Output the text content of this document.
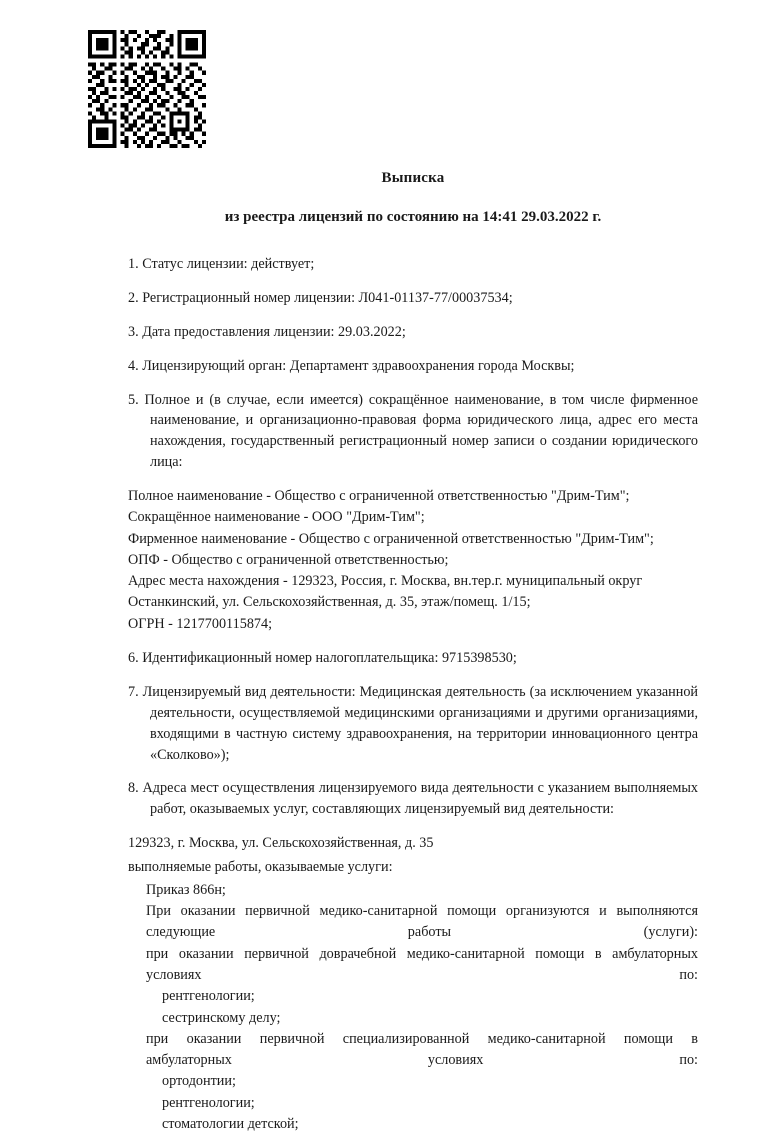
Выписка
из реестра лицензий по состоянию на 14:41 29.03.2022 г.
1. Статус лицензии: действует;
2. Регистрационный номер лицензии: Л041-01137-77/00037534;
3. Дата предоставления лицензии: 29.03.2022;
4. Лицензирующий орган: Департамент здравоохранения города Москвы;
5. Полное и (в случае, если имеется) сокращённое наименование, в том числе фирменное наименование, и организационно-правовая форма юридического лица, адрес его места нахождения, государственный регистрационный номер записи о создании юридического лица:
Полное наименование - Общество с ограниченной ответственностью "Дрим-Тим";
Сокращённое наименование - ООО "Дрим-Тим";
Фирменное наименование - Общество с ограниченной ответственностью "Дрим-Тим";
ОПФ - Общество с ограниченной ответственностью;
Адрес места нахождения - 129323, Россия, г. Москва, вн.тер.г. муниципальный округ Останкинский, ул. Сельскохозяйственная, д. 35, этаж/помещ. 1/15;
ОГРН - 1217700115874;
6. Идентификационный номер налогоплательщика: 9715398530;
7. Лицензируемый вид деятельности: Медицинская деятельность (за исключением указанной деятельности, осуществляемой медицинскими организациями и другими организациями, входящими в частную систему здравоохранения, на территории инновационного центра «Сколково»);
8. Адреса мест осуществления лицензируемого вида деятельности с указанием выполняемых работ, оказываемых услуг, составляющих лицензируемый вид деятельности:
129323, г. Москва, ул. Сельскохозяйственная, д. 35
выполняемые работы, оказываемые услуги:
Приказ 866н;
При оказании первичной медико-санитарной помощи организуются и выполняются следующие работы (услуги):
при оказании первичной доврачебной медико-санитарной помощи в амбулаторных условиях по:
рентгенологии;
сестринскому делу;
при оказании первичной специализированной медико-санитарной помощи в амбулаторных условиях по:
ортодонтии;
рентгенологии;
стоматологии детской;
